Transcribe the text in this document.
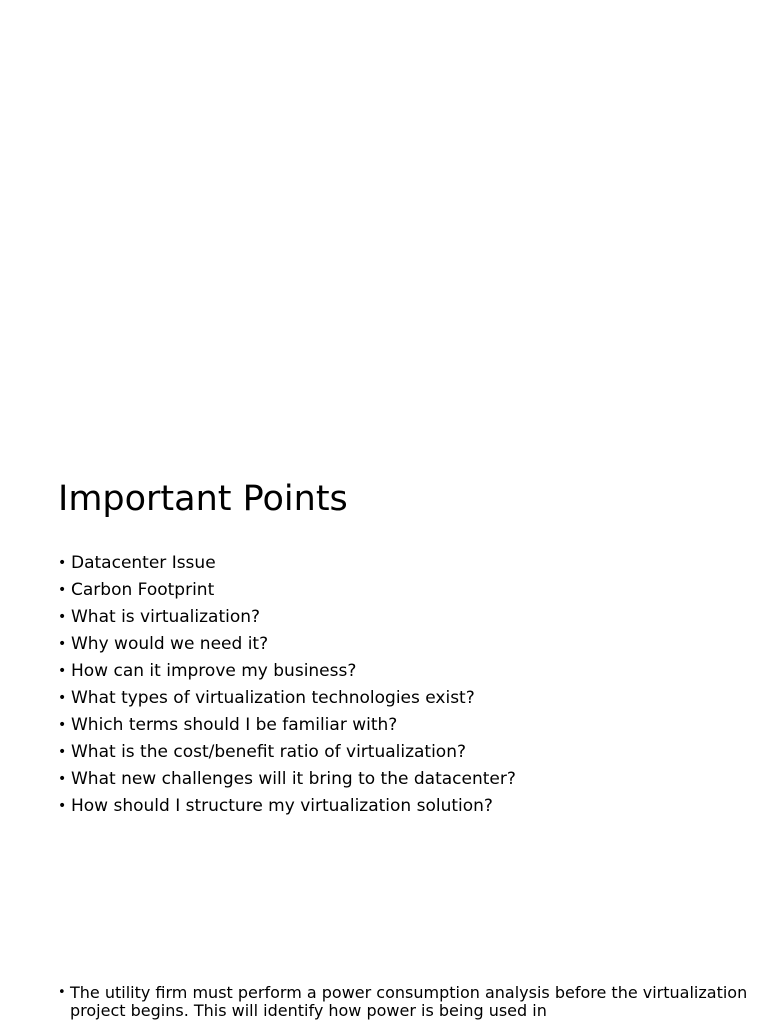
Important Points
• Datacenter Issue
• Carbon Footprint
• What is virtualization?
• Why would we need it?
• How can it improve my business?
• What types of virtualization technologies exist?
• Which terms should I be familiar with?
• What is the cost/benefit ratio of virtualization?
• What new challenges will it bring to the datacenter?
• How should I structure my virtualization solution?

• The utility firm must perform a power consumption analysis before the virtualization project begins. This will identify how power is being used in
